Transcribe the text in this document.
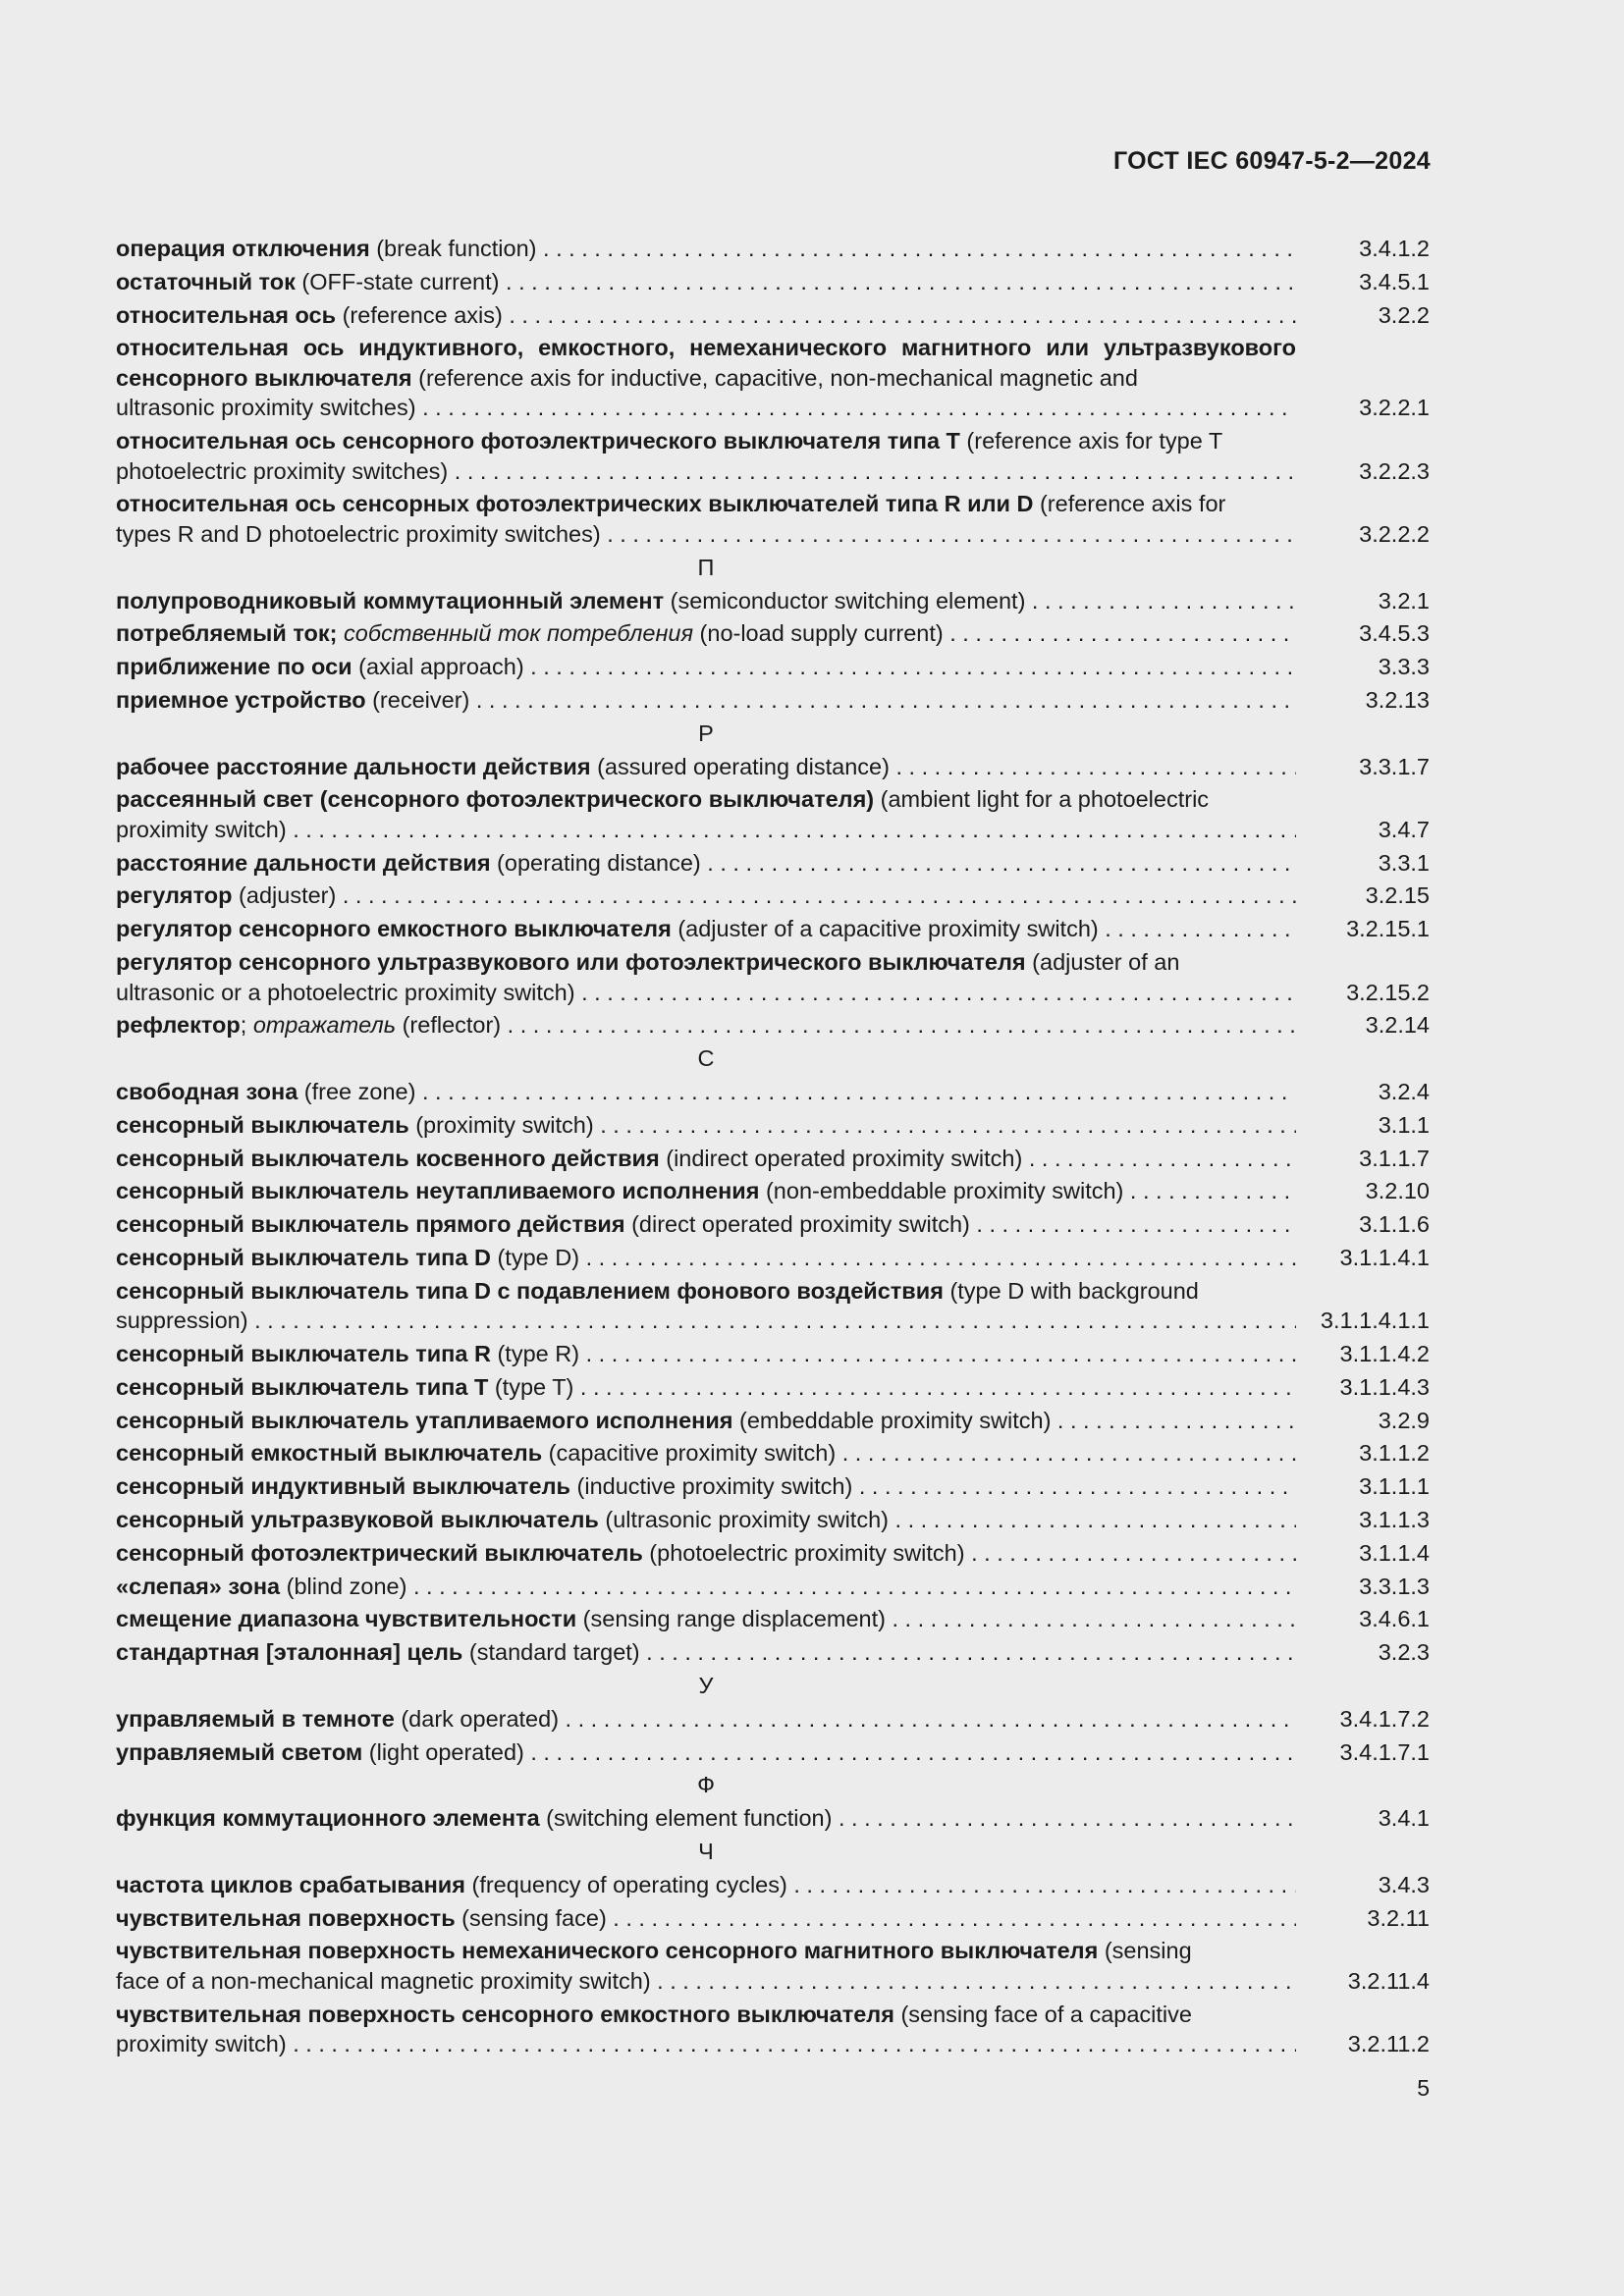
ГОСТ IEC 60947-5-2—2024
операция отключения (break function) . . .	3.4.1.2
остаточный ток (OFF-state current) . . .	3.4.5.1
относительная ось (reference axis) . . .	3.2.2
относительная ось индуктивного, емкостного, немеханического магнитного или ультразвукового сенсорного выключателя (reference axis for inductive, capacitive, non-mechanical magnetic and
ultrasonic proximity switches) . . .	3.2.2.1
относительная ось сенсорного фотоэлектрического выключателя типа T (reference axis for type T
photoelectric proximity switches) . . .	3.2.2.3
относительная ось сенсорных фотоэлектрических выключателей типа R или D (reference axis for
types R and D photoelectric proximity switches) . . .	3.2.2.2
П
полупроводниковый коммутационный элемент (semiconductor switching element) . . .	3.2.1
потребляемый ток; собственный ток потребления (no-load supply current) . . .	3.4.5.3
приближение по оси (axial approach) . . .	3.3.3
приемное устройство (receiver) . . .	3.2.13
Р
рабочее расстояние дальности действия (assured operating distance) . . .	3.3.1.7
рассеянный свет (сенсорного фотоэлектрического выключателя) (ambient light for a photoelectric
proximity switch) . . .	3.4.7
расстояние дальности действия (operating distance) . . .	3.3.1
регулятор (adjuster) . . .	3.2.15
регулятор сенсорного емкостного выключателя (adjuster of a capacitive proximity switch) . . .	3.2.15.1
регулятор сенсорного ультразвукового или фотоэлектрического выключателя (adjuster of an
ultrasonic or a photoelectric proximity switch) . . .	3.2.15.2
рефлектор; отражатель (reflector) . . .	3.2.14
С
свободная зона (free zone) . . .	3.2.4
сенсорный выключатель (proximity switch) . . .	3.1.1
сенсорный выключатель косвенного действия (indirect operated proximity switch) . . .	3.1.1.7
сенсорный выключатель неутапливаемого исполнения (non-embeddable proximity switch) . . .	3.2.10
сенсорный выключатель прямого действия (direct operated proximity switch) . . .	3.1.1.6
сенсорный выключатель типа D (type D) . . .	3.1.1.4.1
сенсорный выключатель типа D с подавлением фонового воздействия (type D with background
suppression) . . .	3.1.1.4.1.1
сенсорный выключатель типа R (type R) . . .	3.1.1.4.2
сенсорный выключатель типа T (type T) . . .	3.1.1.4.3
сенсорный выключатель утапливаемого исполнения (embeddable proximity switch) . . .	3.2.9
сенсорный емкостный выключатель (capacitive proximity switch) . . .	3.1.1.2
сенсорный индуктивный выключатель (inductive proximity switch) . . .	3.1.1.1
сенсорный ультразвуковой выключатель (ultrasonic proximity switch) . . .	3.1.1.3
сенсорный фотоэлектрический выключатель (photoelectric proximity switch) . . .	3.1.1.4
«слепая» зона (blind zone) . . .	3.3.1.3
смещение диапазона чувствительности (sensing range displacement) . . .	3.4.6.1
стандартная [эталонная] цель (standard target) . . .	3.2.3
У
управляемый в темноте (dark operated) . . .	3.4.1.7.2
управляемый светом (light operated) . . .	3.4.1.7.1
Ф
функция коммутационного элемента (switching element function) . . .	3.4.1
Ч
частота циклов срабатывания (frequency of operating cycles) . . .	3.4.3
чувствительная поверхность (sensing face) . . .	3.2.11
чувствительная поверхность немеханического сенсорного магнитного выключателя (sensing
face of a non-mechanical magnetic proximity switch) . . .	3.2.11.4
чувствительная поверхность сенсорного емкостного выключателя (sensing face of a capacitive
proximity switch) . . .	3.2.11.2
5
